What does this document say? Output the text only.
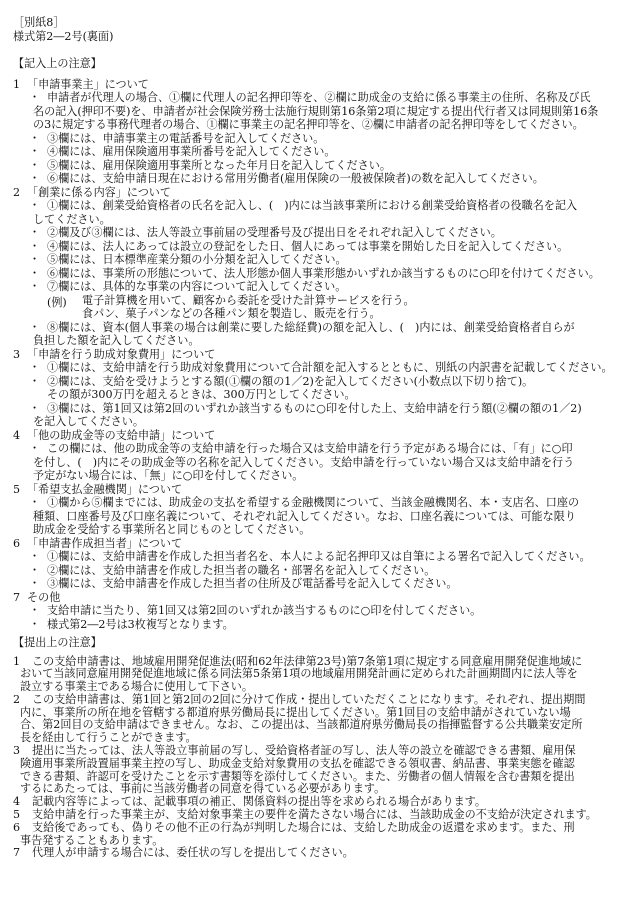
［別紙8］
様式第2―2号(裏面)
【記入上の注意】
1 「申請事業主」について
・ 申請者が代理人の場合、①欄に代理人の記名押印等を、②欄に助成金の支給に係る事業主の住所、名称及び氏
名の記入(押印不要)を、申請者が社会保険労務士法施行規則第16条第2項に規定する提出代行者又は同規則第16条
の3に規定する事務代理者の場合、①欄に事業主の記名押印等を、②欄に申請者の記名押印等をしてください。
・ ③欄には、申請事業主の電話番号を記入してください。
・ ④欄には、雇用保険適用事業所番号を記入してください。
・ ⑤欄には、雇用保険適用事業所となった年月日を記入してください。
・ ⑥欄には、支給申請日現在における常用労働者(雇用保険の一般被保険者)の数を記入してください。
2 「創業に係る内容」について
・ ①欄には、創業受給資格者の氏名を記入し、(　)内には当該事業所における創業受給資格者の役職名を記入
してください。
・ ②欄及び③欄には、法人等設立事前届の受理番号及び提出日をそれぞれ記入してください。
・ ④欄には、法人にあっては設立の登記をした日、個人にあっては事業を開始した日を記入してください。
・ ⑤欄には、日本標準産業分類の小分類を記入してください。
・ ⑥欄には、事業所の形態について、法人形態か個人事業形態かいずれか該当するものに○印を付けてください。
・ ⑦欄には、具体的な事業の内容について記入してください。
(例)	電子計算機を用いて、顧客から委託を受けた計算サービスを行う。
食パン、菓子パンなどの各種パン類を製造し、販売を行う。
・ ⑧欄には、資本(個人事業の場合は創業に要した総経費)の額を記入し、(　)内には、創業受給資格者自らが
負担した額を記入してください。
3 「申請を行う助成対象費用」について
・ ①欄には、支給申請を行う助成対象費用について合計額を記入するとともに、別紙の内訳書を記載してください。
・ ②欄には、支給を受けようとする額(①欄の額の1／2)を記入してください(小数点以下切り捨て)。
その額が300万円を超えるときは、300万円としてください。
・ ③欄には、第1回又は第2回のいずれか該当するものに○印を付した上、支給申請を行う額(②欄の額の1／2)
を記入してください。
4 「他の助成金等の支給申請」について
・ この欄には、他の助成金等の支給申請を行った場合又は支給申請を行う予定がある場合には、「有」に○印
を付し、(　)内にその助成金等の名称を記入してください。支給申請を行っていない場合又は支給申請を行う
予定がない場合には、「無」に○印を付してください。
5 「希望支払金融機関」について
・ ①欄から⑤欄までには、助成金の支払を希望する金融機関について、当該金融機関名、本・支店名、口座の
種類、口座番号及び口座名義について、それぞれ記入してください。なお、口座名義については、可能な限り
助成金を受給する事業所名と同じものとしてください。
6 「申請書作成担当者」について
・ ①欄には、支給申請書を作成した担当者名を、本人による記名押印又は自筆による署名で記入してください。
・ ②欄には、支給申請書を作成した担当者の職名・部署名を記入してください。
・ ③欄には、支給申請書を作成した担当者の住所及び電話番号を記入してください。
7 その他
・ 支給申請に当たり、第1回又は第2回のいずれか該当するものに○印を付してください。
・ 様式第2―2号は3枚複写となります。
【提出上の注意】
1 この支給申請書は、地域雇用開発促進法(昭和62年法律第23号)第7条第1項に規定する同意雇用開発促進地域に
おいて当該同意雇用開発促進地域に係る同法第5条第1項の地域雇用開発計画に定められた計画期間内に法人等を
設立する事業主である場合に使用して下さい。
2 この支給申請書は、第1回と第2回の2回に分けて作成・提出していただくことになります。それぞれ、提出期間
内に、事業所の所在地を管轄する都道府県労働局長に提出してください。第1回目の支給申請がされていない場
合、第2回目の支給申請はできません。なお、この提出は、当該都道府県労働局長の指揮監督する公共職業安定所
長を経由して行うことができます。
3 提出に当たっては、法人等設立事前届の写し、受給資格者証の写し、法人等の設立を確認できる書類、雇用保
険適用事業所設置届事業主控の写し、助成金支給対象費用の支払を確認できる領収書、納品書、事業実態を確認
できる書類、許認可を受けたことを示す書類等を添付してください。また、労働者の個人情報を含む書類を提出
するにあたっては、事前に当該労働者の同意を得ている必要があります。
4 記載内容等によっては、記載事項の補正、関係資料の提出等を求められる場合があります。
5 支給申請を行った事業主が、支給対象事業主の要件を満たさない場合には、当該助成金の不支給が決定されます。
6 支給後であっても、偽りその他不正の行為が判明した場合には、支給した助成金の返還を求めます。また、刑
事告発することもあります。
7 代理人が申請する場合には、委任状の写しを提出してください。
